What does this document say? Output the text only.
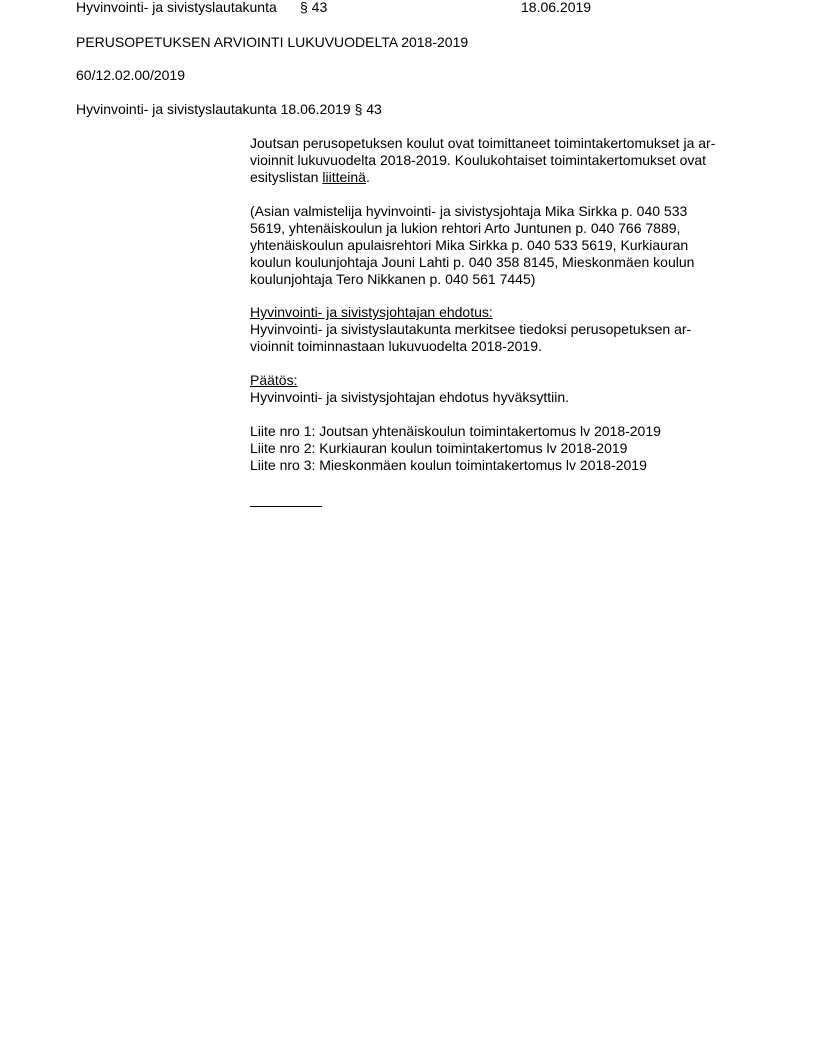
Hyvinvointi- ja sivistyslautakunta § 43	18.06.2019
PERUSOPETUKSEN ARVIOINTI LUKUVUODELTA 2018-2019
60/12.02.00/2019
Hyvinvointi- ja sivistyslautakunta 18.06.2019 § 43

Joutsan perusopetuksen koulut ovat toimittaneet toimintakertomukset ja ar-

vioinnit lukuvuodelta 2018-2019. Koulukohtaiset toimintakertomukset ovat

esityslistan liitteinä.

(Asian valmistelija hyvinvointi- ja sivistysjohtaja Mika Sirkka p. 040 533

5619, yhtenäiskoulun ja lukion rehtori Arto Juntunen p. 040 766 7889,

yhtenäiskoulun apulaisrehtori Mika Sirkka p. 040 533 5619, Kurkiauran

koulun koulunjohtaja Jouni Lahti p. 040 358 8145, Mieskonmäen koulun

koulunjohtaja Tero Nikkanen p. 040 561 7445)

Hyvinvointi- ja sivistysjohtajan ehdotus:

Hyvinvointi- ja sivistyslautakunta merkitsee tiedoksi perusopetuksen ar-

vioinnit toiminnastaan lukuvuodelta 2018-2019.

Päätös:

Hyvinvointi- ja sivistysjohtajan ehdotus hyväksyttiin.

Liite nro 1: Joutsan yhtenäiskoulun toimintakertomus lv 2018-2019

Liite nro 2: Kurkiauran koulun toimintakertomus lv 2018-2019

Liite nro 3: Mieskonmäen koulun toimintakertomus lv 2018-2019
